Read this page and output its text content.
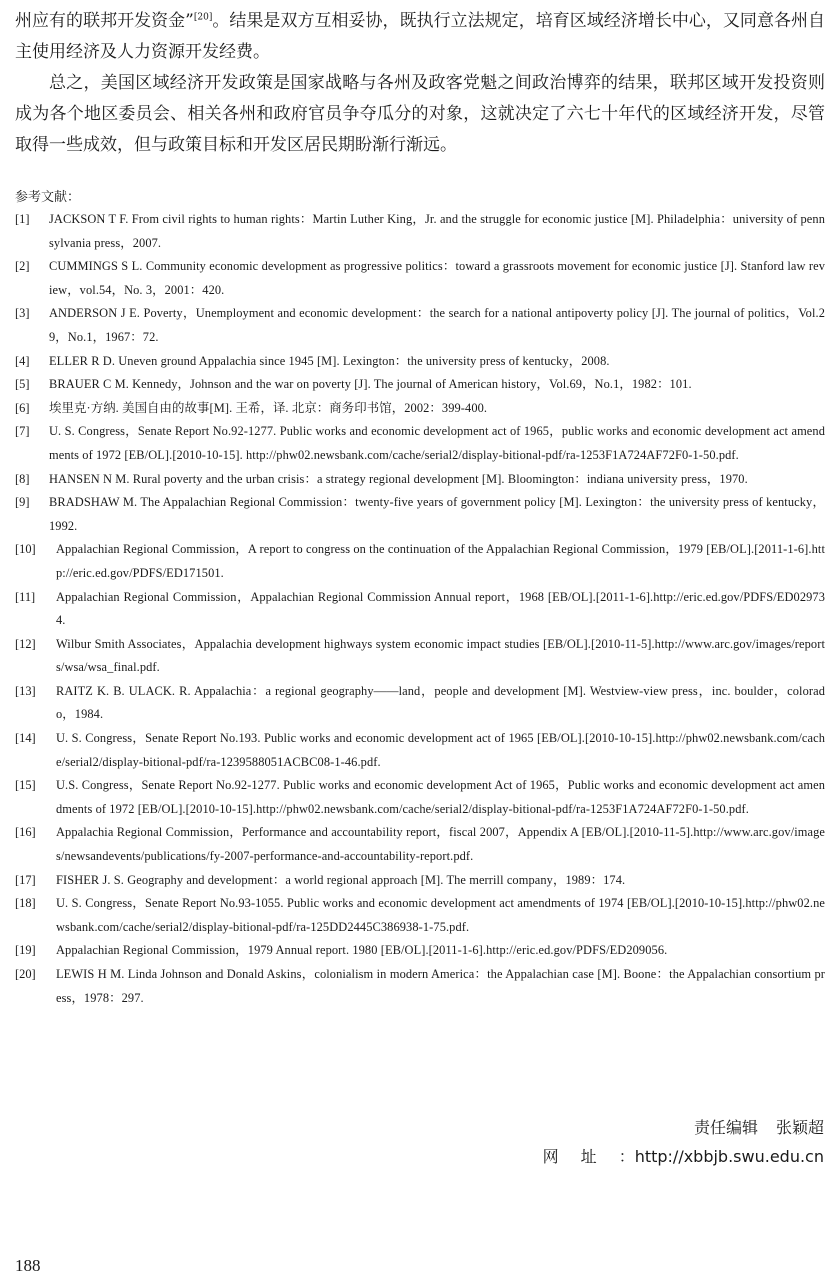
州应有的联邦开发资金”[20]。结果是双方互相妥协，既执行立法规定，培育区域经济增长中心，又同意各州自主使用经济及人力资源开发经费。

总之，美国区域经济开发政策是国家战略与各州及政客党魁之间政治博弈的结果，联邦区域开发投资则成为各个地区委员会、相关各州和政府官员争夺瓜分的对象，这就决定了六七十年代的区域经济开发，尽管取得一些成效，但与政策目标和开发区居民期盼渐行渐远。

参考文献：

[1]	JACKSON T F. From civil rights to human rights：Martin Luther King，Jr. and the struggle for economic justice [M]. Philadelphia：university of pennsylvania press，2007.
[2]	CUMMINGS S L. Community economic development as progressive politics：toward a grassroots movement for economic justice [J]. Stanford law review，vol.54，No. 3，2001：420.
[3]	ANDERSON J E. Poverty，Unemployment and economic development：the search for a national antipoverty policy [J]. The journal of politics，Vol.29，No.1，1967：72.
[4]	ELLER R D. Uneven ground Appalachia since 1945 [M]. Lexington：the university press of kentucky，2008.
[5]	BRAUER C M. Kennedy，Johnson and the war on poverty [J]. The journal of American history，Vol.69，No.1，1982：101.
[6]	埃里克·方纳. 美国自由的故事[M]. 王希，译. 北京：商务印书馆，2002：399-400.
[7]	U. S. Congress，Senate Report No.92-1277. Public works and economic development act of 1965，public works and economic development act amendments of 1972 [EB/OL].[2010-10-15]. http://phw02.newsbank.com/cache/serial2/display-bitional-pdf/ra-1253F1A724AF72F0-1-50.pdf.
[8]	HANSEN N M. Rural poverty and the urban crisis：a strategy regional development [M]. Bloomington：indiana university press，1970.
[9]	BRADSHAW M. The Appalachian Regional Commission：twenty-five years of government policy [M]. Lexington：the university press of kentucky，1992.
[10]	Appalachian Regional Commission，A report to congress on the continuation of the Appalachian Regional Commission，1979 [EB/OL].[2011-1-6].http://eric.ed.gov/PDFS/ED171501.
[11]	Appalachian Regional Commission，Appalachian Regional Commission Annual report，1968 [EB/OL].[2011-1-6].http://eric.ed.gov/PDFS/ED029734.
[12]	Wilbur Smith Associates，Appalachia development highways system economic impact studies [EB/OL].[2010-11-5].http://www.arc.gov/images/reports/wsa/wsa_final.pdf.
[13]	RAITZ K. B. ULACK. R. Appalachia：a regional geography——land，people and development [M]. Westview-view press，inc. boulder，colorado，1984.
[14]	U. S. Congress，Senate Report No.193. Public works and economic development act of 1965 [EB/OL].[2010-10-15].http://phw02.newsbank.com/cache/serial2/display-bitional-pdf/ra-1239588051ACBC08-1-46.pdf.
[15]	U.S. Congress，Senate Report No.92-1277. Public works and economic development Act of 1965，Public works and economic development act amendments of 1972 [EB/OL].[2010-10-15].http://phw02.newsbank.com/cache/serial2/display-bitional-pdf/ra-1253F1A724AF72F0-1-50.pdf.
[16]	Appalachia Regional Commission，Performance and accountability report，fiscal 2007，Appendix A [EB/OL].[2010-11-5].http://www.arc.gov/images/newsandevents/publications/fy-2007-performance-and-accountability-report.pdf.
[17]	FISHER J. S. Geography and development：a world regional approach [M]. The merrill company，1989：174.
[18]	U. S. Congress，Senate Report No.93-1055. Public works and economic development act amendments of 1974 [EB/OL].[2010-10-15].http://phw02.newsbank.com/cache/serial2/display-bitional-pdf/ra-125DD2445C386938-1-75.pdf.
[19]	Appalachian Regional Commission，1979 Annual report. 1980 [EB/OL].[2011-1-6].http://eric.ed.gov/PDFS/ED209056.
[20]	LEWIS H M. Linda Johnson and Donald Askins，colonialism in modern America：the Appalachian case [M]. Boone：the Appalachian consortium press，1978：297.

责任编辑 张颖超

网址：http://xbbjb.swu.edu.cn

188
